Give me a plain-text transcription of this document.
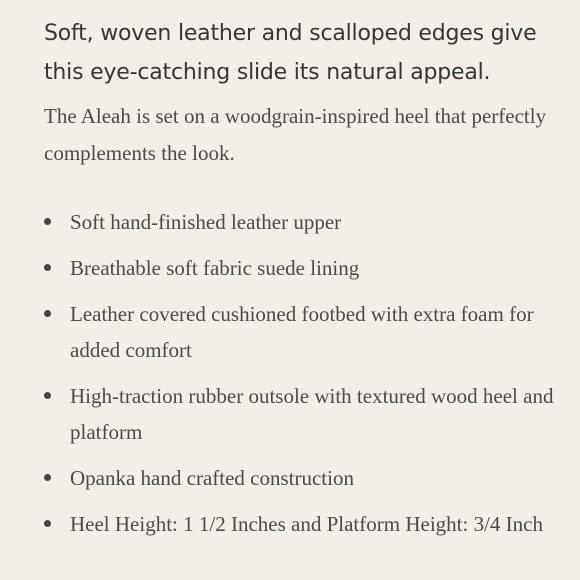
Soft, woven leather and scalloped edges give this eye-catching slide its natural appeal.

The Aleah is set on a woodgrain-inspired heel that perfectly complements the look.

Soft hand-finished leather upper
Breathable soft fabric suede lining
Leather covered cushioned footbed with extra foam for added comfort
High-traction rubber outsole with textured wood heel and platform
Opanka hand crafted construction
Heel Height: 1 1/2 Inches and Platform Height: 3/4 Inch
